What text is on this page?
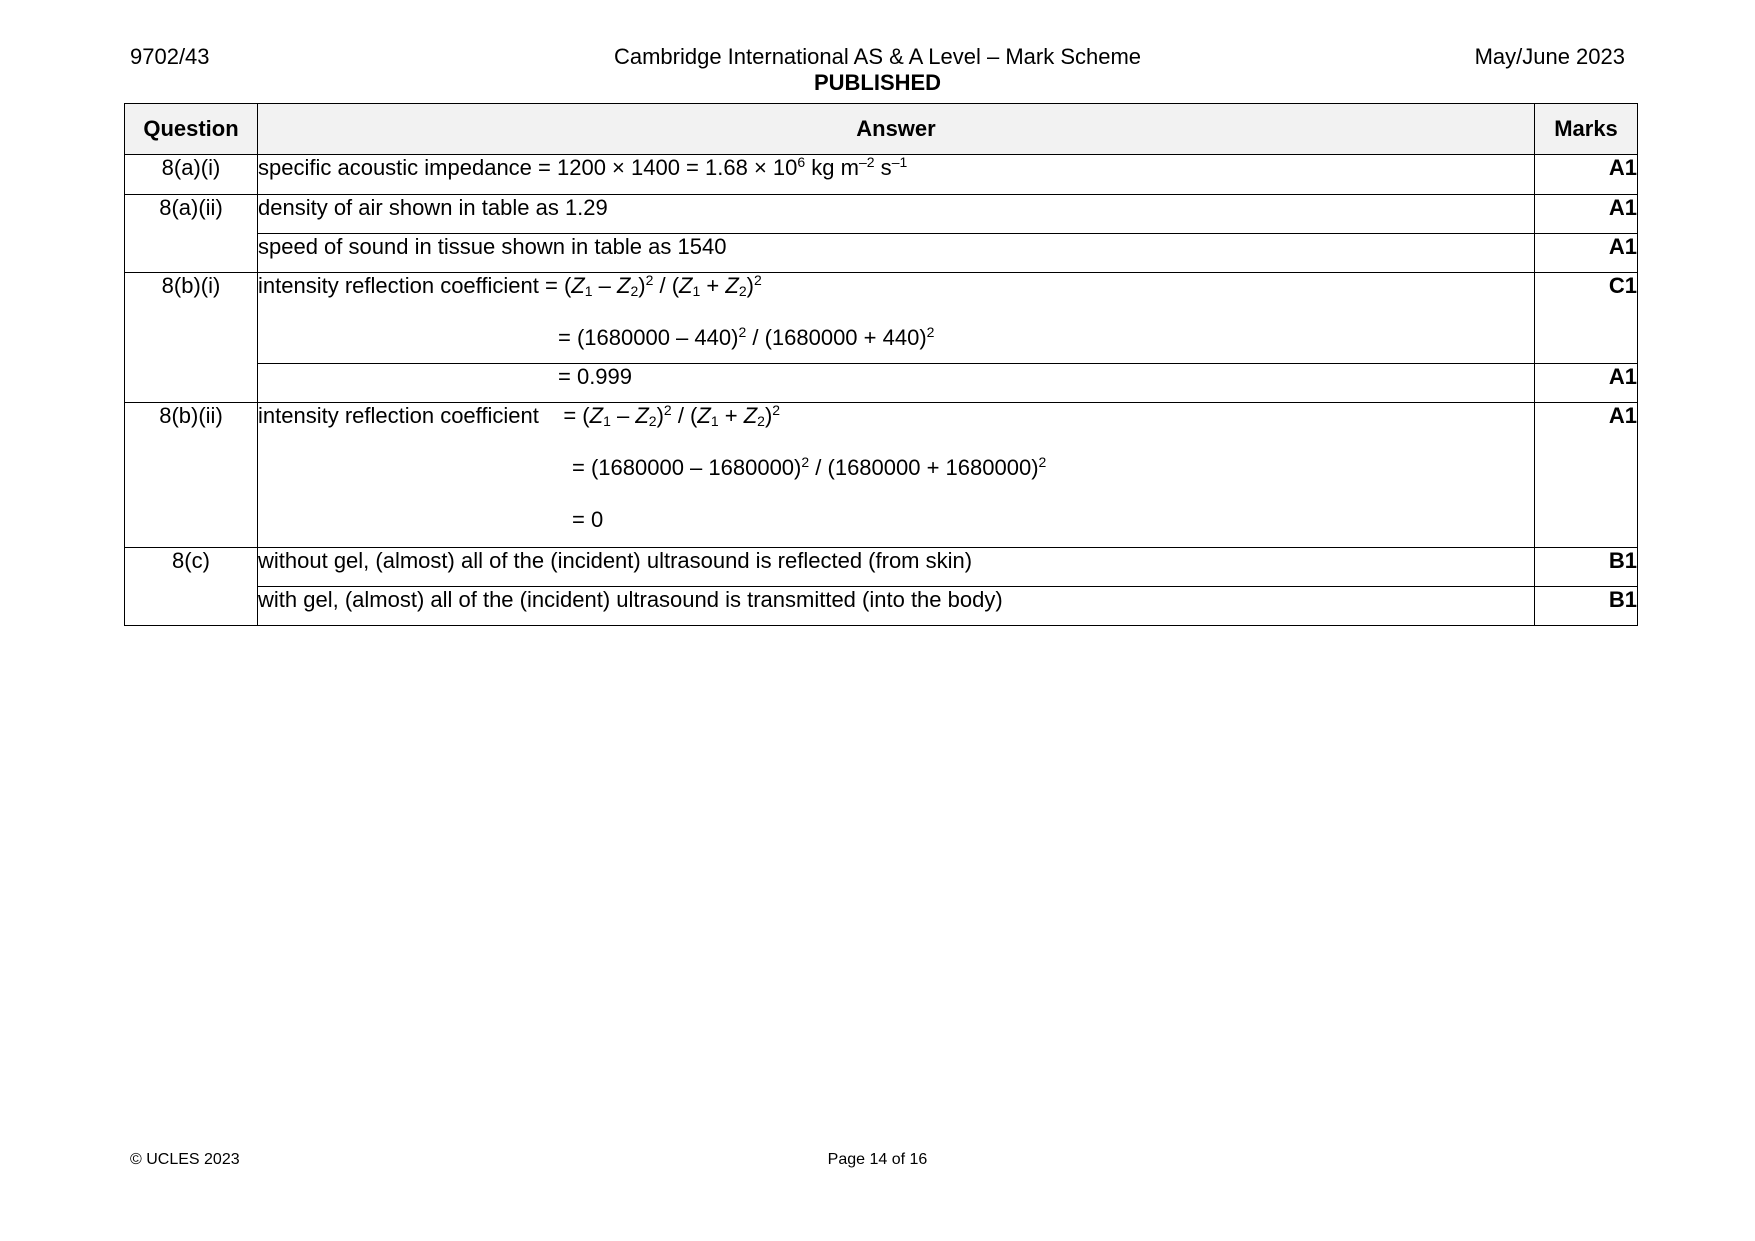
9702/43	Cambridge International AS & A Level – Mark Scheme
PUBLISHED
May/June 2023
Question	Answer	Marks
8(a)(i)	specific acoustic impedance = $1200 \times 1400 = 1.68 \times 10^6$ kg $m^{-2}$ $s^{-1}$	A1
8(a)(ii)	density of air shown in table as 1.29	A1
	speed of sound in tissue shown in table as 1540	A1
8(b)(i)	intensity reflection coefficient = $(Z_1 - Z_2)^2 / (Z_1 + Z_2)^2$
= $(1680000 - 440)^2 / (1680000 + 440)^2$	C1

	= 0.999	A1
8(b)(ii)	intensity reflection coefficient = $(Z_1 - Z_2)^2 / (Z_1 + Z_2)^2$
= $(1680000 - 1680000)^2 / (1680000 + 1680000)^2$
= 0	A1
8(c)	without gel, (almost) all of the (incident) ultrasound is reflected (from skin)	B1
	with gel, (almost) all of the (incident) ultrasound is transmitted (into the body)	B1
© UCLES 2023	Page 14 of 16
